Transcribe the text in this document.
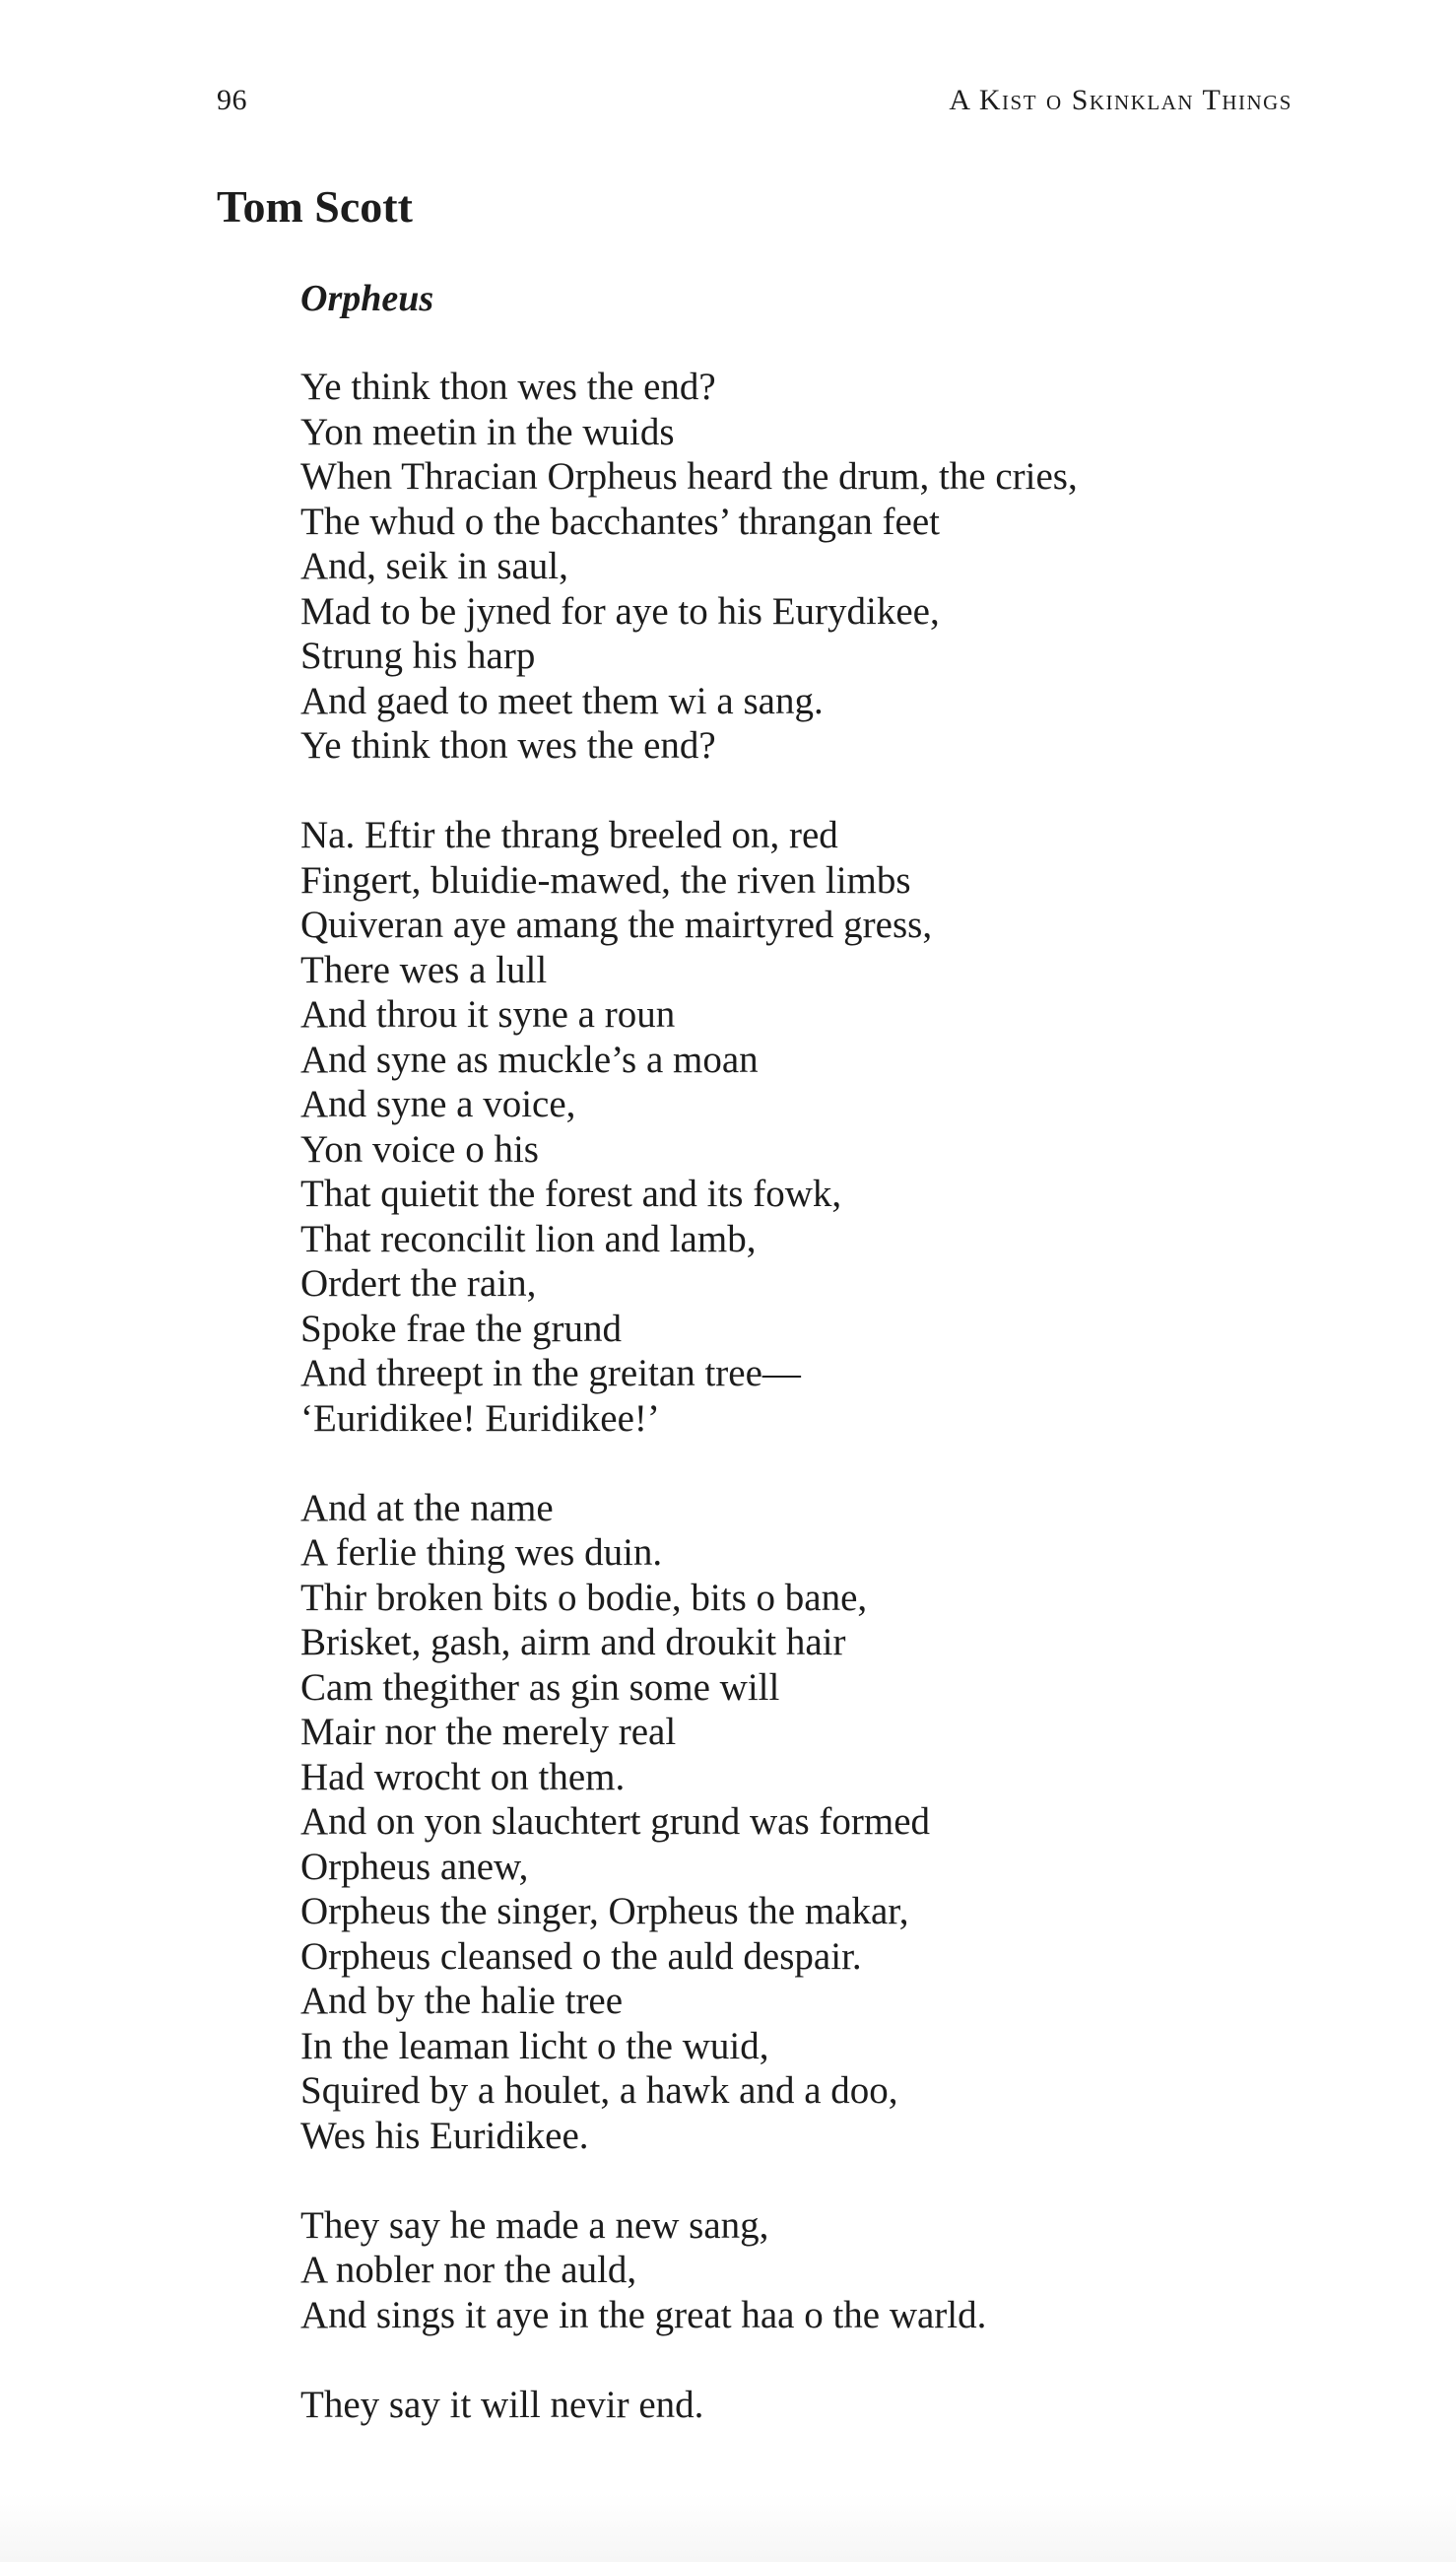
96	A Kist o Skinklan Things
Tom Scott
Orpheus

Ye think thon wes the end?
Yon meetin in the wuids
When Thracian Orpheus heard the drum, the cries,
The whud o the bacchantes’ thrangan feet
And, seik in saul,
Mad to be jyned for aye to his Eurydikee,
Strung his harp
And gaed to meet them wi a sang.
Ye think thon wes the end?

Na. Eftir the thrang breeled on, red
Fingert, bluidie-mawed, the riven limbs
Quiveran aye amang the mairtyred gress,
There wes a lull
And throu it syne a roun
And syne as muckle’s a moan
And syne a voice,
Yon voice o his
That quietit the forest and its fowk,
That reconcilit lion and lamb,
Ordert the rain,
Spoke frae the grund
And threept in the greitan tree—
‘Euridikee! Euridikee!’

And at the name
A ferlie thing wes duin.
Thir broken bits o bodie, bits o bane,
Brisket, gash, airm and droukit hair
Cam thegither as gin some will
Mair nor the merely real
Had wrocht on them.
And on yon slauchtert grund was formed
Orpheus anew,
Orpheus the singer, Orpheus the makar,
Orpheus cleansed o the auld despair.
And by the halie tree
In the leaman licht o the wuid,
Squired by a houlet, a hawk and a doo,
Wes his Euridikee.

They say he made a new sang,
A nobler nor the auld,
And sings it aye in the great haa o the warld.

They say it will nevir end.
